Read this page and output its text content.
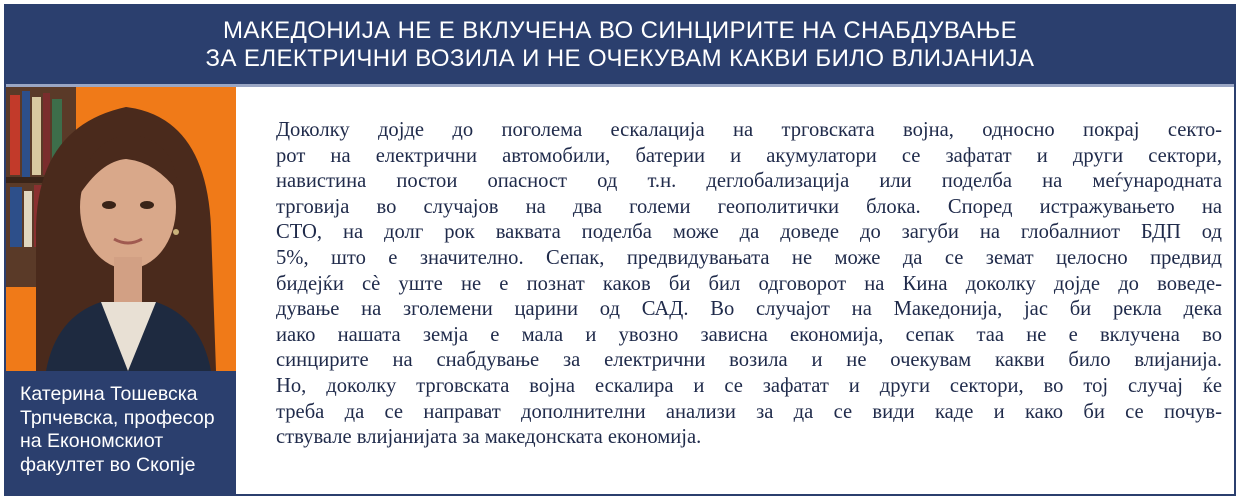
МАКЕДОНИЈА НЕ Е ВКЛУЧЕНА ВО СИНЦИРИТЕ НА СНАБДУВАЊЕ
ЗА ЕЛЕКТРИЧНИ ВОЗИЛА И НЕ ОЧЕКУВАМ КАКВИ БИЛО ВЛИЈАНИЈА
Катерина Тошевска
Трпчевска, професор
на Економскиот
факултет во Скопје
Доколку дојде до поголема ескалација на трговската војна, односно покрај секто-
рот на електрични автомобили, батерии и акумулатори се зафатат и други сектори,
навистина постои опасност од т.н. деглобализација или поделба на меѓународната
трговија во случајов на два големи геополитички блока. Според истражувањето на
СТО, на долг рок ваквата поделба може да доведе до загуби на глобалниот БДП од
5%, што е значително. Сепак, предвидувањата не може да се земат целосно предвид
бидејќи сè уште не е познат каков би бил одговорот на Кина доколку дојде до воведе-
дување на зголемени царини од САД. Во случајот на Македонија, јас би рекла дека
иако нашата земја е мала и увозно зависна економија, сепак таа не е вклучена во
синцирите на снабдување за електрични возила и не очекувам какви било влијанија.
Но, доколку трговската војна ескалира и се зафатат и други сектори, во тој случај ќе
треба да се направат дополнителни анализи за да се види каде и како би се почув-
ствувале влијанијата за македонската економија.
